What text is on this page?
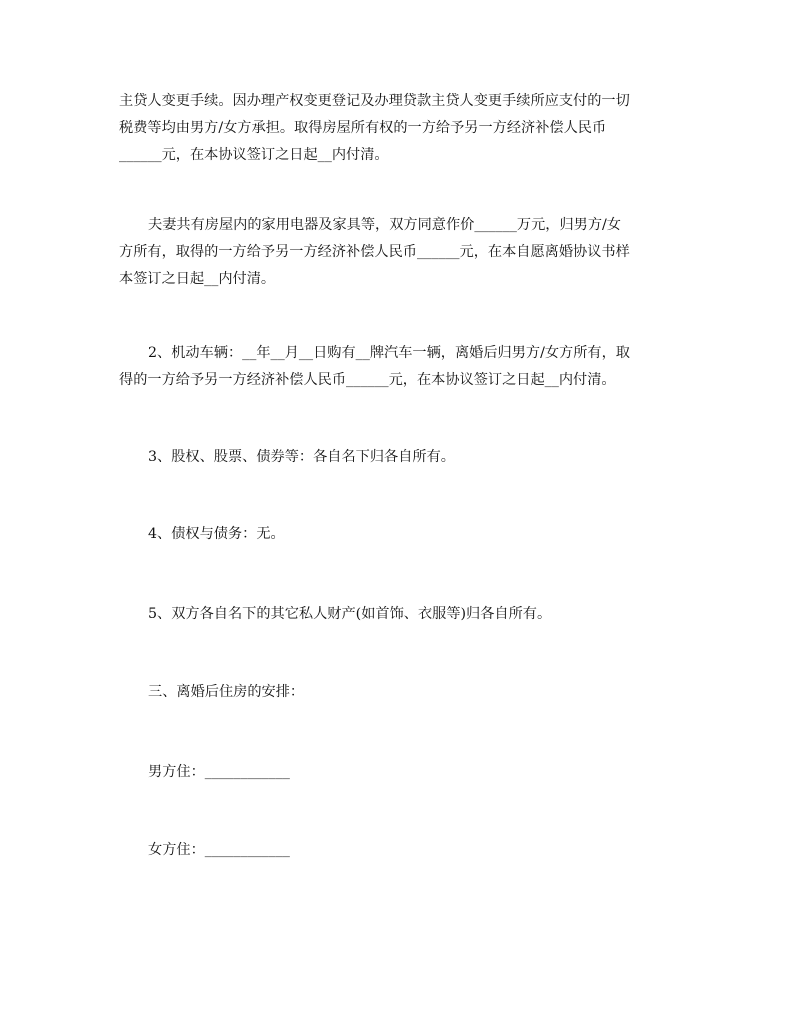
主贷人变更手续。因办理产权变更登记及办理贷款主贷人变更手续所应支付的一切
税费等均由男方/女方承担。取得房屋所有权的一方给予另一方经济补偿人民币
______元，在本协议签订之日起__内付清。

夫妻共有房屋内的家用电器及家具等，双方同意作价______万元，归男方/女
方所有，取得的一方给予另一方经济补偿人民币______元，在本自愿离婚协议书样
本签订之日起__内付清。

2、机动车辆：__年__月__日购有__牌汽车一辆，离婚后归男方/女方所有，取
得的一方给予另一方经济补偿人民币______元，在本协议签订之日起__内付清。

3、股权、股票、债券等：各自名下归各自所有。

4、债权与债务：无。

5、双方各自名下的其它私人财产(如首饰、衣服等)归各自所有。

三、离婚后住房的安排：

男方住：____________

女方住：____________
